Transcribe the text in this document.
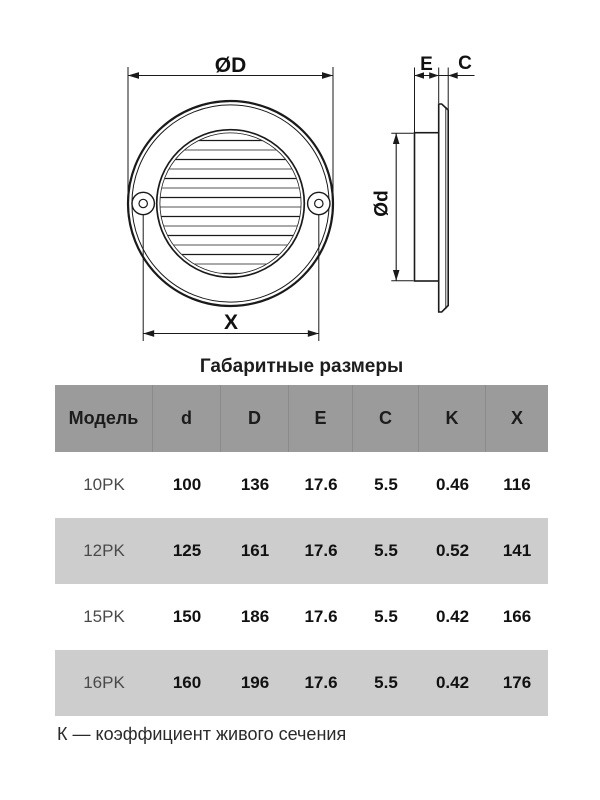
ØD
X
E C
Ød
Габаритные размеры
Модель	d	D	E	C	K	X
10PK	100	136	17.6	5.5	0.46	116
12PK	125	161	17.6	5.5	0.52	141
15PK	150	186	17.6	5.5	0.42	166
16PK	160	196	17.6	5.5	0.42	176
К — коэффициент живого сечения
